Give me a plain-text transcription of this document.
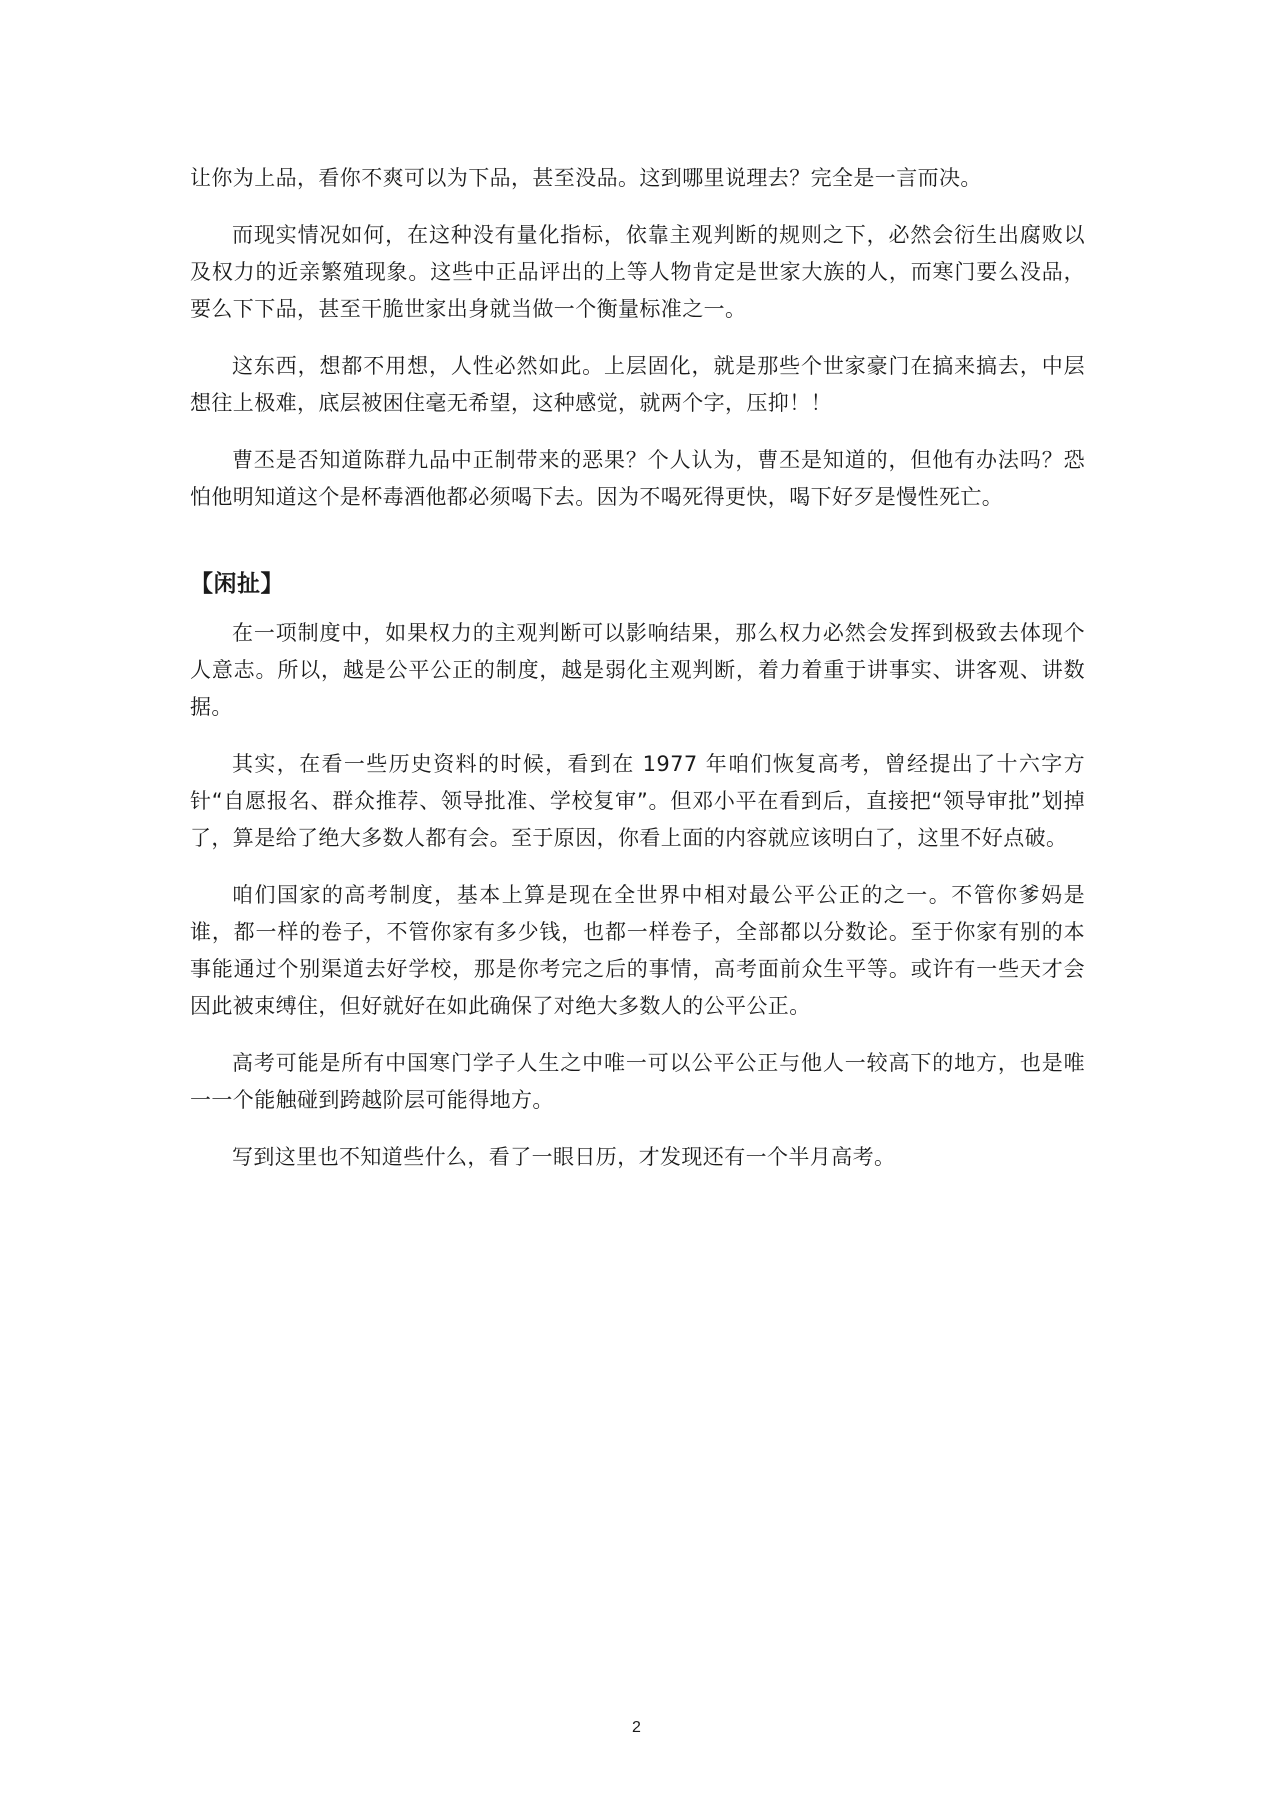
让你为上品，看你不爽可以为下品，甚至没品。这到哪里说理去？完全是一言而决。

而现实情况如何，在这种没有量化指标，依靠主观判断的规则之下，必然会衍生出腐败以及权力的近亲繁殖现象。这些中正品评出的上等人物肯定是世家大族的人，而寒门要么没品，要么下下品，甚至干脆世家出身就当做一个衡量标准之一。

这东西，想都不用想，人性必然如此。上层固化，就是那些个世家豪门在搞来搞去，中层想往上极难，底层被困住毫无希望，这种感觉，就两个字，压抑！！

曹丕是否知道陈群九品中正制带来的恶果？个人认为，曹丕是知道的，但他有办法吗？恐怕他明知道这个是杯毒酒他都必须喝下去。因为不喝死得更快，喝下好歹是慢性死亡。

【闲扯】

在一项制度中，如果权力的主观判断可以影响结果，那么权力必然会发挥到极致去体现个人意志。所以，越是公平公正的制度，越是弱化主观判断，着力着重于讲事实、讲客观、讲数据。

其实，在看一些历史资料的时候，看到在 1977 年咱们恢复高考，曾经提出了十六字方针“自愿报名、群众推荐、领导批准、学校复审”。但邓小平在看到后，直接把“领导审批”划掉了，算是给了绝大多数人都有会。至于原因，你看上面的内容就应该明白了，这里不好点破。

咱们国家的高考制度，基本上算是现在全世界中相对最公平公正的之一。不管你爹妈是谁，都一样的卷子，不管你家有多少钱，也都一样卷子，全部都以分数论。至于你家有别的本事能通过个别渠道去好学校，那是你考完之后的事情，高考面前众生平等。或许有一些天才会因此被束缚住，但好就好在如此确保了对绝大多数人的公平公正。

高考可能是所有中国寒门学子人生之中唯一可以公平公正与他人一较高下的地方，也是唯一一个能触碰到跨越阶层可能得地方。

写到这里也不知道些什么，看了一眼日历，才发现还有一个半月高考。

2
